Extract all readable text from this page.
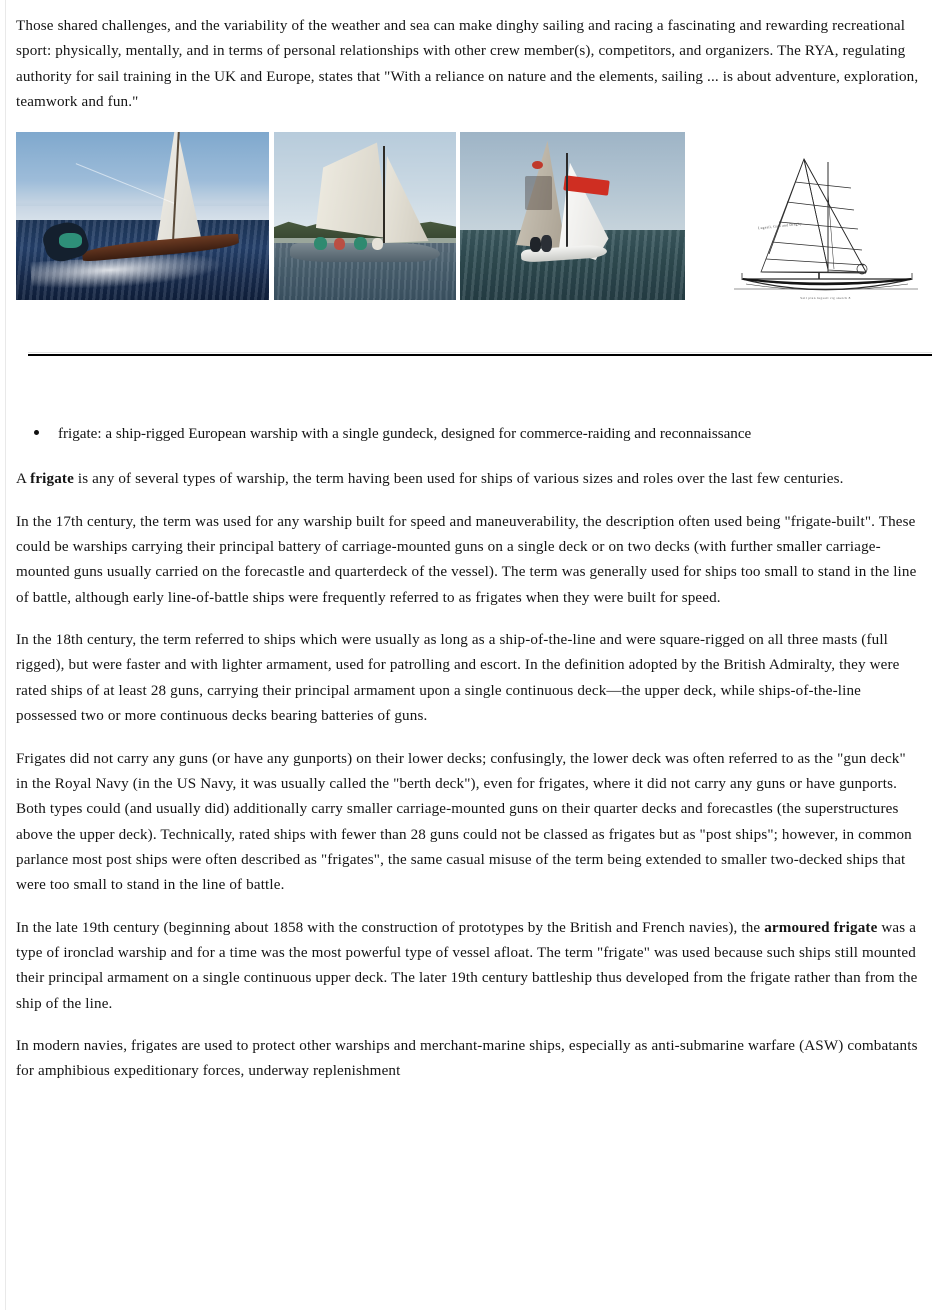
Those shared challenges, and the variability of the weather and sea can make dinghy sailing and racing a fascinating and rewarding recreational sport: physically, mentally, and in terms of personal relationships with other crew member(s), competitors, and organizers. The RYA, regulating authority for sail training in the UK and Europe, states that "With a reliance on nature and the elements, sailing ... is about adventure, exploration, teamwork and fun."

Lugsail, Gaff and Dinghy
Sail plan lugsail rig sketch 8
frigate: a ship-rigged European warship with a single gundeck, designed for commerce-raiding and reconnaissance

A frigate is any of several types of warship, the term having been used for ships of various sizes and roles over the last few centuries.

In the 17th century, the term was used for any warship built for speed and maneuverability, the description often used being "frigate-built". These could be warships carrying their principal battery of carriage-mounted guns on a single deck or on two decks (with further smaller carriage-mounted guns usually carried on the forecastle and quarterdeck of the vessel). The term was generally used for ships too small to stand in the line of battle, although early line-of-battle ships were frequently referred to as frigates when they were built for speed.

In the 18th century, the term referred to ships which were usually as long as a ship-of-the-line and were square-rigged on all three masts (full rigged), but were faster and with lighter armament, used for patrolling and escort. In the definition adopted by the British Admiralty, they were rated ships of at least 28 guns, carrying their principal armament upon a single continuous deck—the upper deck, while ships-of-the-line possessed two or more continuous decks bearing batteries of guns.

Frigates did not carry any guns (or have any gunports) on their lower decks; confusingly, the lower deck was often referred to as the "gun deck" in the Royal Navy (in the US Navy, it was usually called the "berth deck"), even for frigates, where it did not carry any guns or have gunports. Both types could (and usually did) additionally carry smaller carriage-mounted guns on their quarter decks and forecastles (the superstructures above the upper deck). Technically, rated ships with fewer than 28 guns could not be classed as frigates but as "post ships"; however, in common parlance most post ships were often described as "frigates", the same casual misuse of the term being extended to smaller two-decked ships that were too small to stand in the line of battle.

In the late 19th century (beginning about 1858 with the construction of prototypes by the British and French navies), the armoured frigate was a type of ironclad warship and for a time was the most powerful type of vessel afloat. The term "frigate" was used because such ships still mounted their principal armament on a single continuous upper deck. The later 19th century battleship thus developed from the frigate rather than from the ship of the line.

In modern navies, frigates are used to protect other warships and merchant-marine ships, especially as anti-submarine warfare (ASW) combatants for amphibious expeditionary forces, underway replenishment
